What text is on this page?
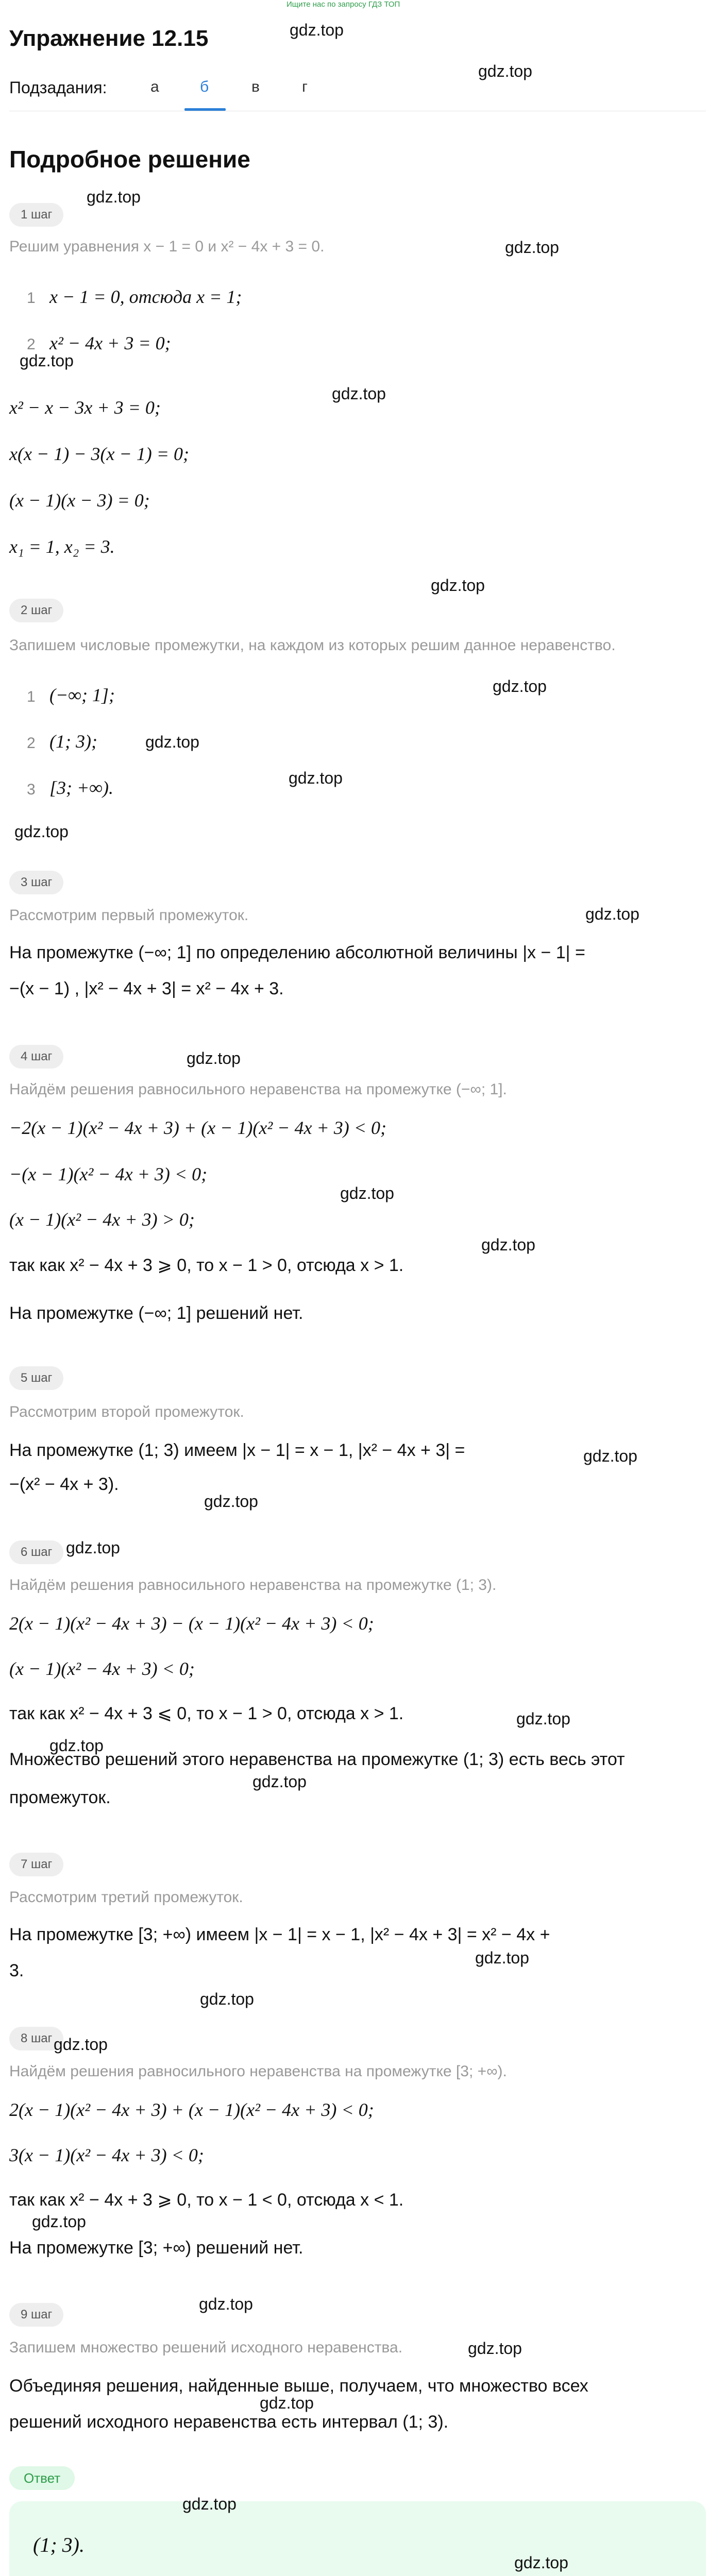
Ищите нас по запросу ГДЗ ТОП
Упражнение 12.15	gdz.top
gdz.top
Подзадания:	а	б	в	г
Подробное решение
1 шаг
gdz.top
Решим уравнения x − 1 = 0 и x² − 4x + 3 = 0.	gdz.top
1 x − 1 = 0, отсюда x = 1;
2 x² − 4x + 3 = 0;
gdz.top
gdz.top
x² − x − 3x + 3 = 0;
x(x − 1) − 3(x − 1) = 0;
(x − 1)(x − 3) = 0;
x₁ = 1, x₂ = 3.
gdz.top
2 шаг
Запишем числовые промежутки, на каждом из которых решим данное неравенство.
gdz.top
1 (−∞; 1];
2 (1; 3);	gdz.top
gdz.top
3 [3; +∞).
gdz.top
3 шаг
Рассмотрим первый промежуток.	gdz.top
На промежутке (−∞; 1] по определению абсолютной величины |x − 1| =
−(x − 1) , |x² − 4x + 3| = x² − 4x + 3.
4 шаг	gdz.top
Найдём решения равносильного неравенства на промежутке (−∞; 1].
−2(x − 1)(x² − 4x + 3) + (x − 1)(x² − 4x + 3) < 0;
−(x − 1)(x² − 4x + 3) < 0;
gdz.top
(x − 1)(x² − 4x + 3) > 0;
gdz.top
так как x² − 4x + 3 ⩾ 0, то x − 1 > 0, отсюда x > 1.
На промежутке (−∞; 1] решений нет.
5 шаг
Рассмотрим второй промежуток.
На промежутке (1; 3) имеем |x − 1| = x − 1, |x² − 4x + 3| =	gdz.top
−(x² − 4x + 3).
gdz.top
6 шаг gdz.top
Найдём решения равносильного неравенства на промежутке (1; 3).
2(x − 1)(x² − 4x + 3) − (x − 1)(x² − 4x + 3) < 0;
(x − 1)(x² − 4x + 3) < 0;
так как x² − 4x + 3 ⩽ 0, то x − 1 > 0, отсюда x > 1.	gdz.top
gdz.top
Множество решений этого неравенства на промежутке (1; 3) есть весь этот
gdz.top
промежуток.
7 шаг
Рассмотрим третий промежуток.
На промежутке [3; +∞) имеем |x − 1| = x − 1, |x² − 4x + 3| = x² − 4x +
gdz.top
3.
gdz.top
8 шаг gdz.top
Найдём решения равносильного неравенства на промежутке [3; +∞).
2(x − 1)(x² − 4x + 3) + (x − 1)(x² − 4x + 3) < 0;
3(x − 1)(x² − 4x + 3) < 0;
так как x² − 4x + 3 ⩾ 0, то x − 1 < 0, отсюда x < 1.
gdz.top
На промежутке [3; +∞) решений нет.
gdz.top
9 шаг
Запишем множество решений исходного неравенства.	gdz.top
Объединяя решения, найденные выше, получаем, что множество всех
gdz.top
решений исходного неравенства есть интервал (1; 3).
Ответ
gdz.top
(1; 3).
gdz.top
